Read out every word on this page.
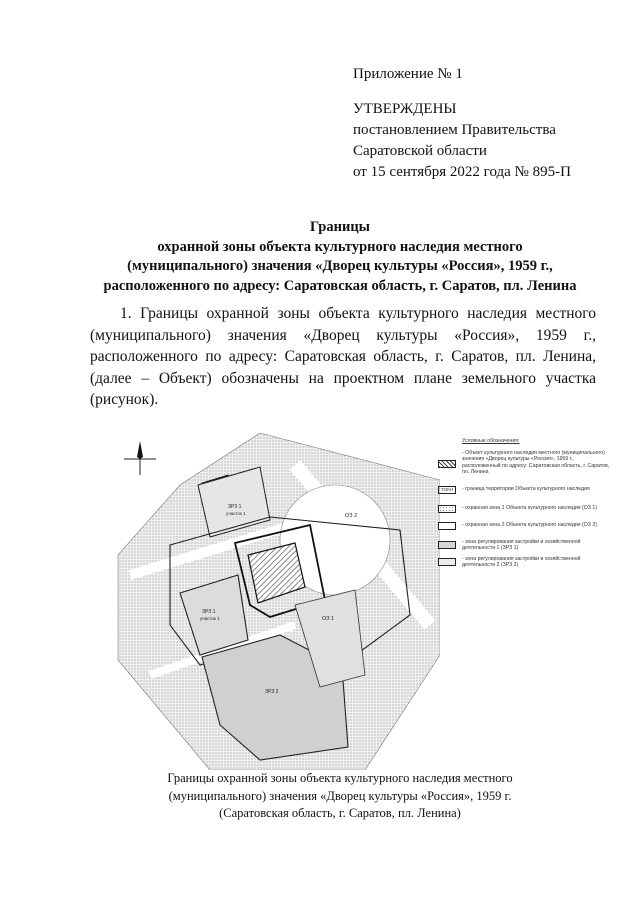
Приложение № 1
УТВЕРЖДЕНЫ
постановлением Правительства
Саратовской области
от 15 сентября 2022 года № 895-П
Границы
охранной зоны объекта культурного наследия местного
(муниципального) значения «Дворец культуры «Россия», 1959 г.,
расположенного по адресу: Саратовская область, г. Саратов, пл. Ленина

1. Границы охранной зоны объекта культурного наследия местного (муниципального) значения «Дворец культуры «Россия», 1959 г., расположенного по адресу: Саратовская область, г. Саратов, пл. Ленина, (далее – Объект) обозначены на проектном плане земельного участка (рисунок).

ОЗ 2
ОЗ 1
ЗРЗ 1
участок 1
ЗРЗ 1
участок 1
ЗРЗ 2
Условные обозначения:
- Объект культурного наследия местного (муниципального) значения «Дворец культуры «Россия», 1959 г., расположенный по адресу: Саратовская область, г. Саратов, пл. Ленина
ТОКН	- граница территории Объекта культурного наследия
- охранная зона 1 Объекта культурного наследия (ОЗ 1)
- охранная зона 2 Объекта культурного наследия (ОЗ 2)
- зона регулирования застройки и хозяйственной деятельности 1 (ЗРЗ 1)
- зона регулирования застройки и хозяйственной деятельности 2 (ЗРЗ 2)
Границы охранной зоны объекта культурного наследия местного
(муниципального) значения «Дворец культуры «Россия», 1959 г.
(Саратовская область, г. Саратов, пл. Ленина)
